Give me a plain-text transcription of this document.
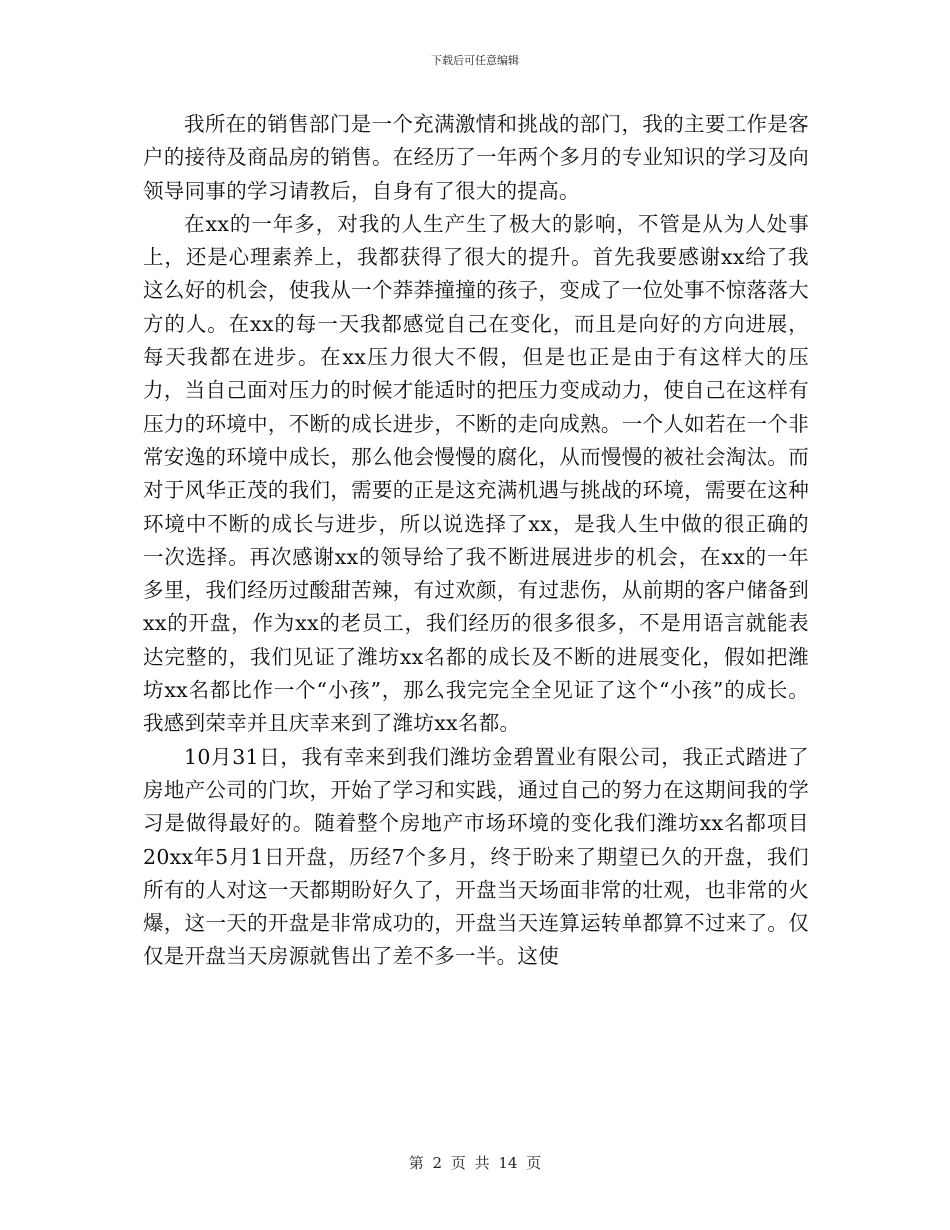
下载后可任意编辑

我所在的销售部门是一个充满激情和挑战的部门，我的主要工作是客户的接待及商品房的销售。在经历了一年两个多月的专业知识的学习及向领导同事的学习请教后，自身有了很大的提高。

在xx的一年多，对我的人生产生了极大的影响，不管是从为人处事上，还是心理素养上，我都获得了很大的提升。首先我要感谢xx给了我这么好的机会，使我从一个莽莽撞撞的孩子，变成了一位处事不惊落落大方的人。在xx的每一天我都感觉自己在变化，而且是向好的方向进展，每天我都在进步。在xx压力很大不假，但是也正是由于有这样大的压力，当自己面对压力的时候才能适时的把压力变成动力，使自己在这样有压力的环境中，不断的成长进步，不断的走向成熟。一个人如若在一个非常安逸的环境中成长，那么他会慢慢的腐化，从而慢慢的被社会淘汰。而对于风华正茂的我们，需要的正是这充满机遇与挑战的环境，需要在这种环境中不断的成长与进步，所以说选择了xx，是我人生中做的很正确的一次选择。再次感谢xx的领导给了我不断进展进步的机会，在xx的一年多里，我们经历过酸甜苦辣，有过欢颜，有过悲伤，从前期的客户储备到xx的开盘，作为xx的老员工，我们经历的很多很多，不是用语言就能表达完整的，我们见证了潍坊xx名都的成长及不断的进展变化，假如把潍坊xx名都比作一个“小孩”，那么我完完全全见证了这个“小孩”的成长。我感到荣幸并且庆幸来到了潍坊xx名都。

10月31日，我有幸来到我们潍坊金碧置业有限公司，我正式踏进了房地产公司的门坎，开始了学习和实践，通过自己的努力在这期间我的学习是做得最好的。随着整个房地产市场环境的变化我们潍坊xx名都项目20xx年5月1日开盘，历经7个多月，终于盼来了期望已久的开盘，我们所有的人对这一天都期盼好久了，开盘当天场面非常的壮观，也非常的火爆，这一天的开盘是非常成功的，开盘当天连算运转单都算不过来了。仅仅是开盘当天房源就售出了差不多一半。这使

第 2 页 共 14 页
